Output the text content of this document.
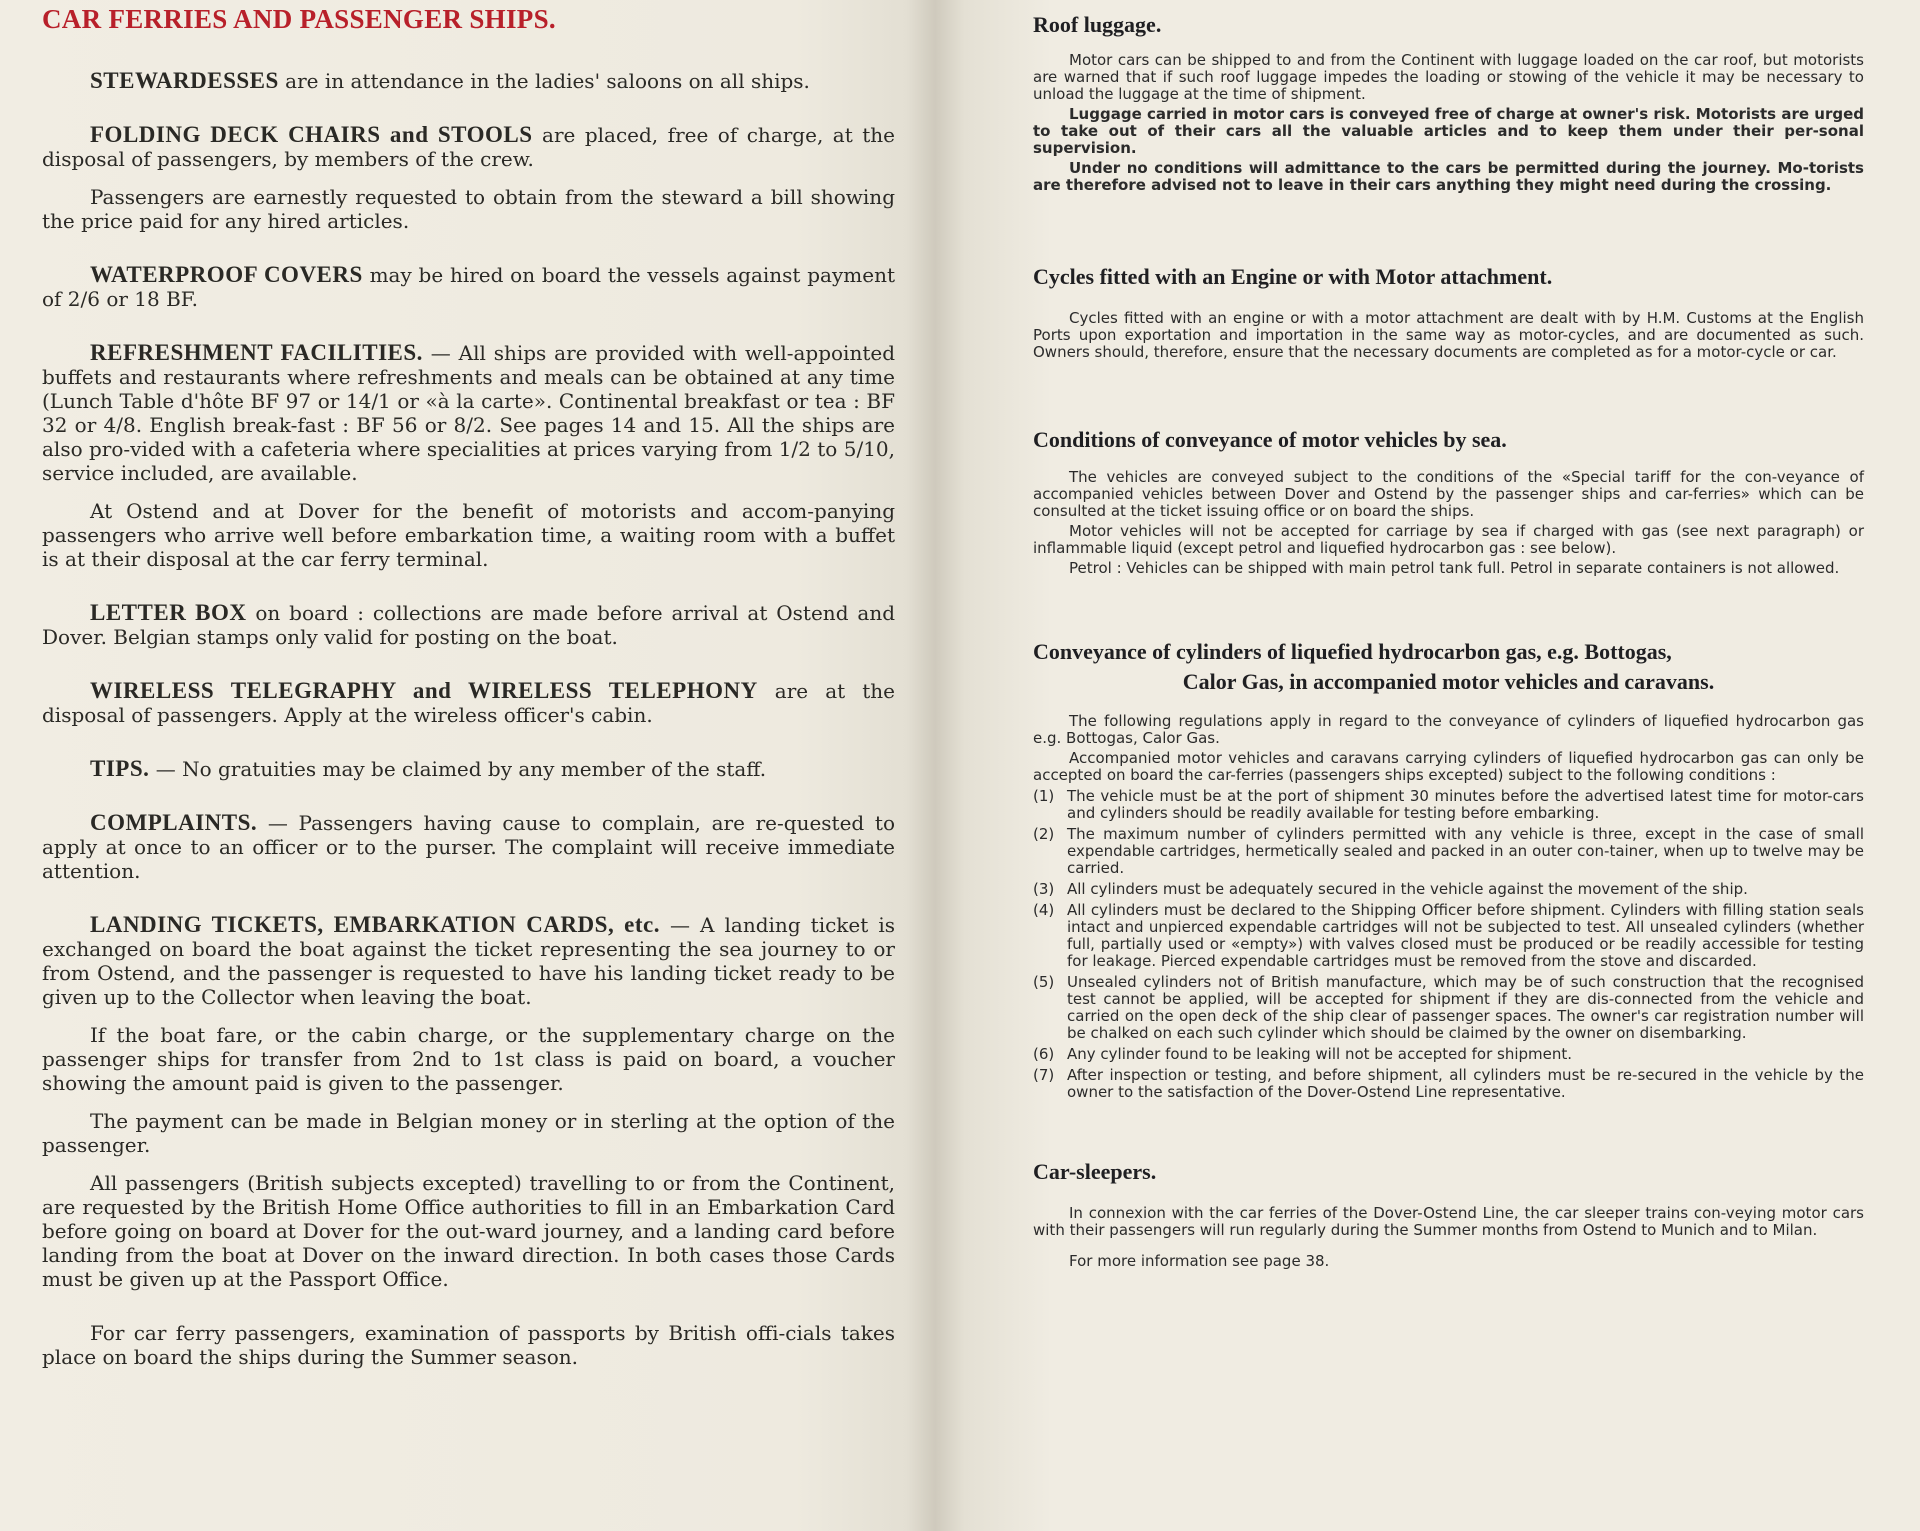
CAR FERRIES AND PASSENGER SHIPS.

STEWARDESSES are in attendance in the ladies' saloons on all ships.

FOLDING DECK CHAIRS and STOOLS are placed, free of charge, at the disposal of passengers, by members of the crew.

Passengers are earnestly requested to obtain from the steward a bill showing the price paid for any hired articles.

WATERPROOF COVERS may be hired on board the vessels against payment of 2/6 or 18 BF.

REFRESHMENT FACILITIES. — All ships are provided with well-appointed buffets and restaurants where refreshments and meals can be obtained at any time (Lunch Table d'hôte BF 97 or 14/1 or «à la carte». Continental breakfast or tea : BF 32 or 4/8. English break-fast : BF 56 or 8/2. See pages 14 and 15. All the ships are also pro-vided with a cafeteria where specialities at prices varying from 1/2 to 5/10, service included, are available.

At Ostend and at Dover for the benefit of motorists and accom-panying passengers who arrive well before embarkation time, a waiting room with a buffet is at their disposal at the car ferry terminal.

LETTER BOX on board : collections are made before arrival at Ostend and Dover. Belgian stamps only valid for posting on the boat.

WIRELESS TELEGRAPHY and WIRELESS TELEPHONY are at the disposal of passengers. Apply at the wireless officer's cabin.

TIPS. — No gratuities may be claimed by any member of the staff.

COMPLAINTS. — Passengers having cause to complain, are re-quested to apply at once to an officer or to the purser. The complaint will receive immediate attention.

LANDING TICKETS, EMBARKATION CARDS, etc. — A landing ticket is exchanged on board the boat against the ticket representing the sea journey to or from Ostend, and the passenger is requested to have his landing ticket ready to be given up to the Collector when leaving the boat.

If the boat fare, or the cabin charge, or the supplementary charge on the passenger ships for transfer from 2nd to 1st class is paid on board, a voucher showing the amount paid is given to the passenger.

The payment can be made in Belgian money or in sterling at the option of the passenger.

All passengers (British subjects excepted) travelling to or from the Continent, are requested by the British Home Office authorities to fill in an Embarkation Card before going on board at Dover for the out-ward journey, and a landing card before landing from the boat at Dover on the inward direction. In both cases those Cards must be given up at the Passport Office.

For car ferry passengers, examination of passports by British offi-cials takes place on board the ships during the Summer season.

Roof luggage.

Motor cars can be shipped to and from the Continent with luggage loaded on the car roof, but motorists are warned that if such roof luggage impedes the loading or stowing of the vehicle it may be necessary to unload the luggage at the time of shipment.

Luggage carried in motor cars is conveyed free of charge at owner's risk. Motorists are urged to take out of their cars all the valuable articles and to keep them under their per-sonal supervision.

Under no conditions will admittance to the cars be permitted during the journey. Mo-torists are therefore advised not to leave in their cars anything they might need during the crossing.

Cycles fitted with an Engine or with Motor attachment.

Cycles fitted with an engine or with a motor attachment are dealt with by H.M. Customs at the English Ports upon exportation and importation in the same way as motor-cycles, and are documented as such. Owners should, therefore, ensure that the necessary documents are completed as for a motor-cycle or car.

Conditions of conveyance of motor vehicles by sea.

The vehicles are conveyed subject to the conditions of the «Special tariff for the con-veyance of accompanied vehicles between Dover and Ostend by the passenger ships and car-ferries» which can be consulted at the ticket issuing office or on board the ships.

Motor vehicles will not be accepted for carriage by sea if charged with gas (see next paragraph) or inflammable liquid (except petrol and liquefied hydrocarbon gas : see below).

Petrol : Vehicles can be shipped with main petrol tank full. Petrol in separate containers is not allowed.

Conveyance of cylinders of liquefied hydrocarbon gas, e.g. Bottogas,
Calor Gas, in accompanied motor vehicles and caravans.

The following regulations apply in regard to the conveyance of cylinders of liquefied hydrocarbon gas e.g. Bottogas, Calor Gas.

Accompanied motor vehicles and caravans carrying cylinders of liquefied hydrocarbon gas can only be accepted on board the car-ferries (passengers ships excepted) subject to the following conditions :

(1) The vehicle must be at the port of shipment 30 minutes before the advertised latest time for motor-cars and cylinders should be readily available for testing before embarking.
(2) The maximum number of cylinders permitted with any vehicle is three, except in the case of small expendable cartridges, hermetically sealed and packed in an outer con-tainer, when up to twelve may be carried.
(3) All cylinders must be adequately secured in the vehicle against the movement of the ship.
(4) All cylinders must be declared to the Shipping Officer before shipment. Cylinders with filling station seals intact and unpierced expendable cartridges will not be subjected to test. All unsealed cylinders (whether full, partially used or «empty») with valves closed must be produced or be readily accessible for testing for leakage. Pierced expendable cartridges must be removed from the stove and discarded.
(5) Unsealed cylinders not of British manufacture, which may be of such construction that the recognised test cannot be applied, will be accepted for shipment if they are dis-connected from the vehicle and carried on the open deck of the ship clear of passenger spaces. The owner's car registration number will be chalked on each such cylinder which should be claimed by the owner on disembarking.
(6) Any cylinder found to be leaking will not be accepted for shipment.
(7) After inspection or testing, and before shipment, all cylinders must be re-secured in the vehicle by the owner to the satisfaction of the Dover-Ostend Line representative.
Car-sleepers.

In connexion with the car ferries of the Dover-Ostend Line, the car sleeper trains con-veying motor cars with their passengers will run regularly during the Summer months from Ostend to Munich and to Milan.

For more information see page 38.
